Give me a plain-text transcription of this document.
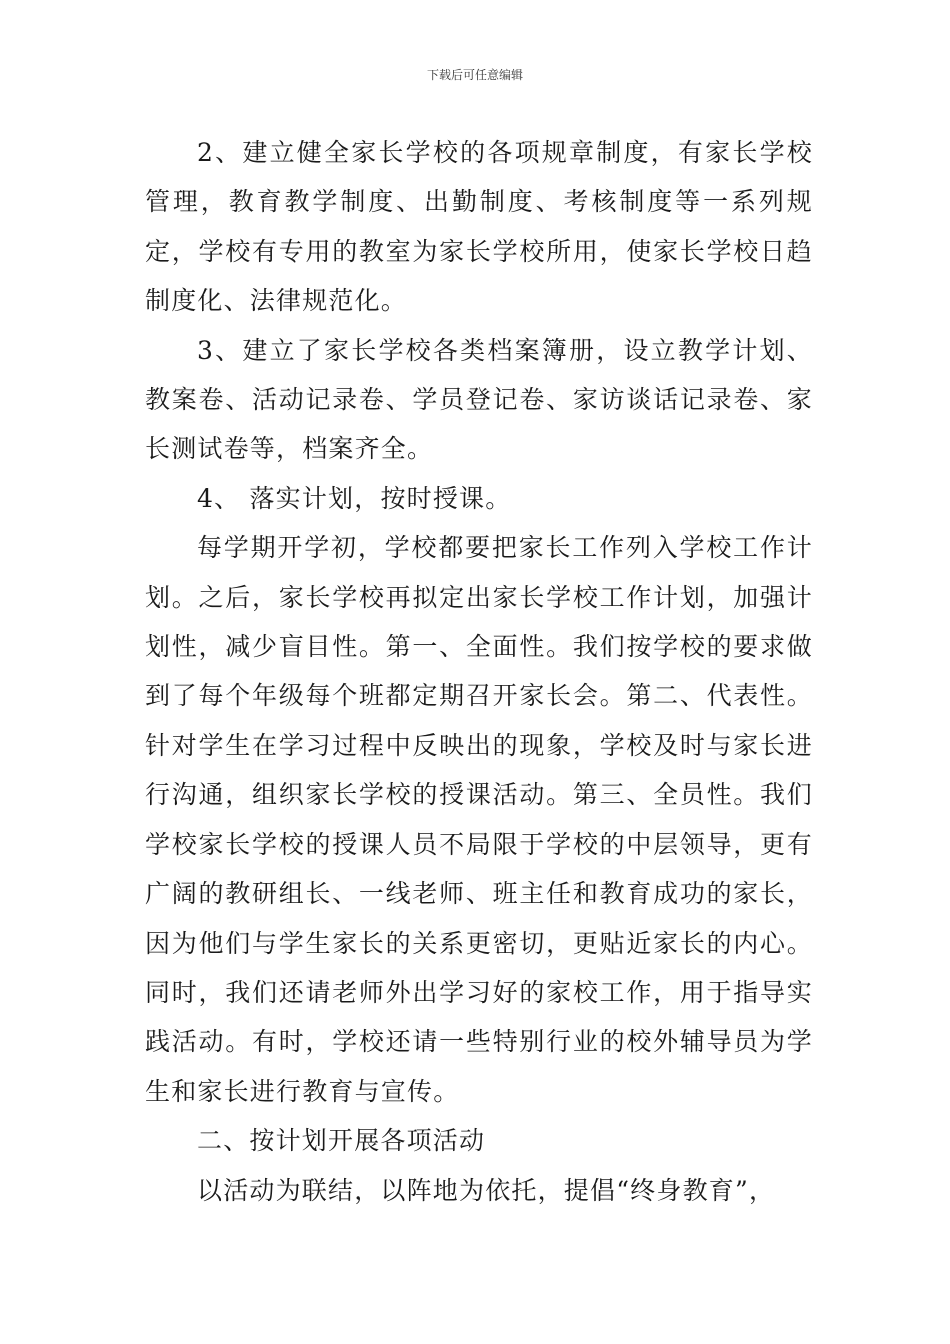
下载后可任意编辑

2、建立健全家长学校的各项规章制度，有家长学校管理，教育教学制度、出勤制度、考核制度等一系列规定，学校有专用的教室为家长学校所用，使家长学校日趋制度化、法律规范化。

3、建立了家长学校各类档案簿册，设立教学计划、教案卷、活动记录卷、学员登记卷、家访谈话记录卷、家长测试卷等，档案齐全。

4、 落实计划，按时授课。

每学期开学初，学校都要把家长工作列入学校工作计划。之后，家长学校再拟定出家长学校工作计划，加强计划性，减少盲目性。第一、全面性。我们按学校的要求做到了每个年级每个班都定期召开家长会。第二、代表性。针对学生在学习过程中反映出的现象，学校及时与家长进行沟通，组织家长学校的授课活动。第三、全员性。我们学校家长学校的授课人员不局限于学校的中层领导，更有广阔的教研组长、一线老师、班主任和教育成功的家长，因为他们与学生家长的关系更密切，更贴近家长的内心。同时，我们还请老师外出学习好的家校工作，用于指导实践活动。有时，学校还请一些特别行业的校外辅导员为学生和家长进行教育与宣传。

二、按计划开展各项活动

以活动为联结，以阵地为依托，提倡“终身教育”，
